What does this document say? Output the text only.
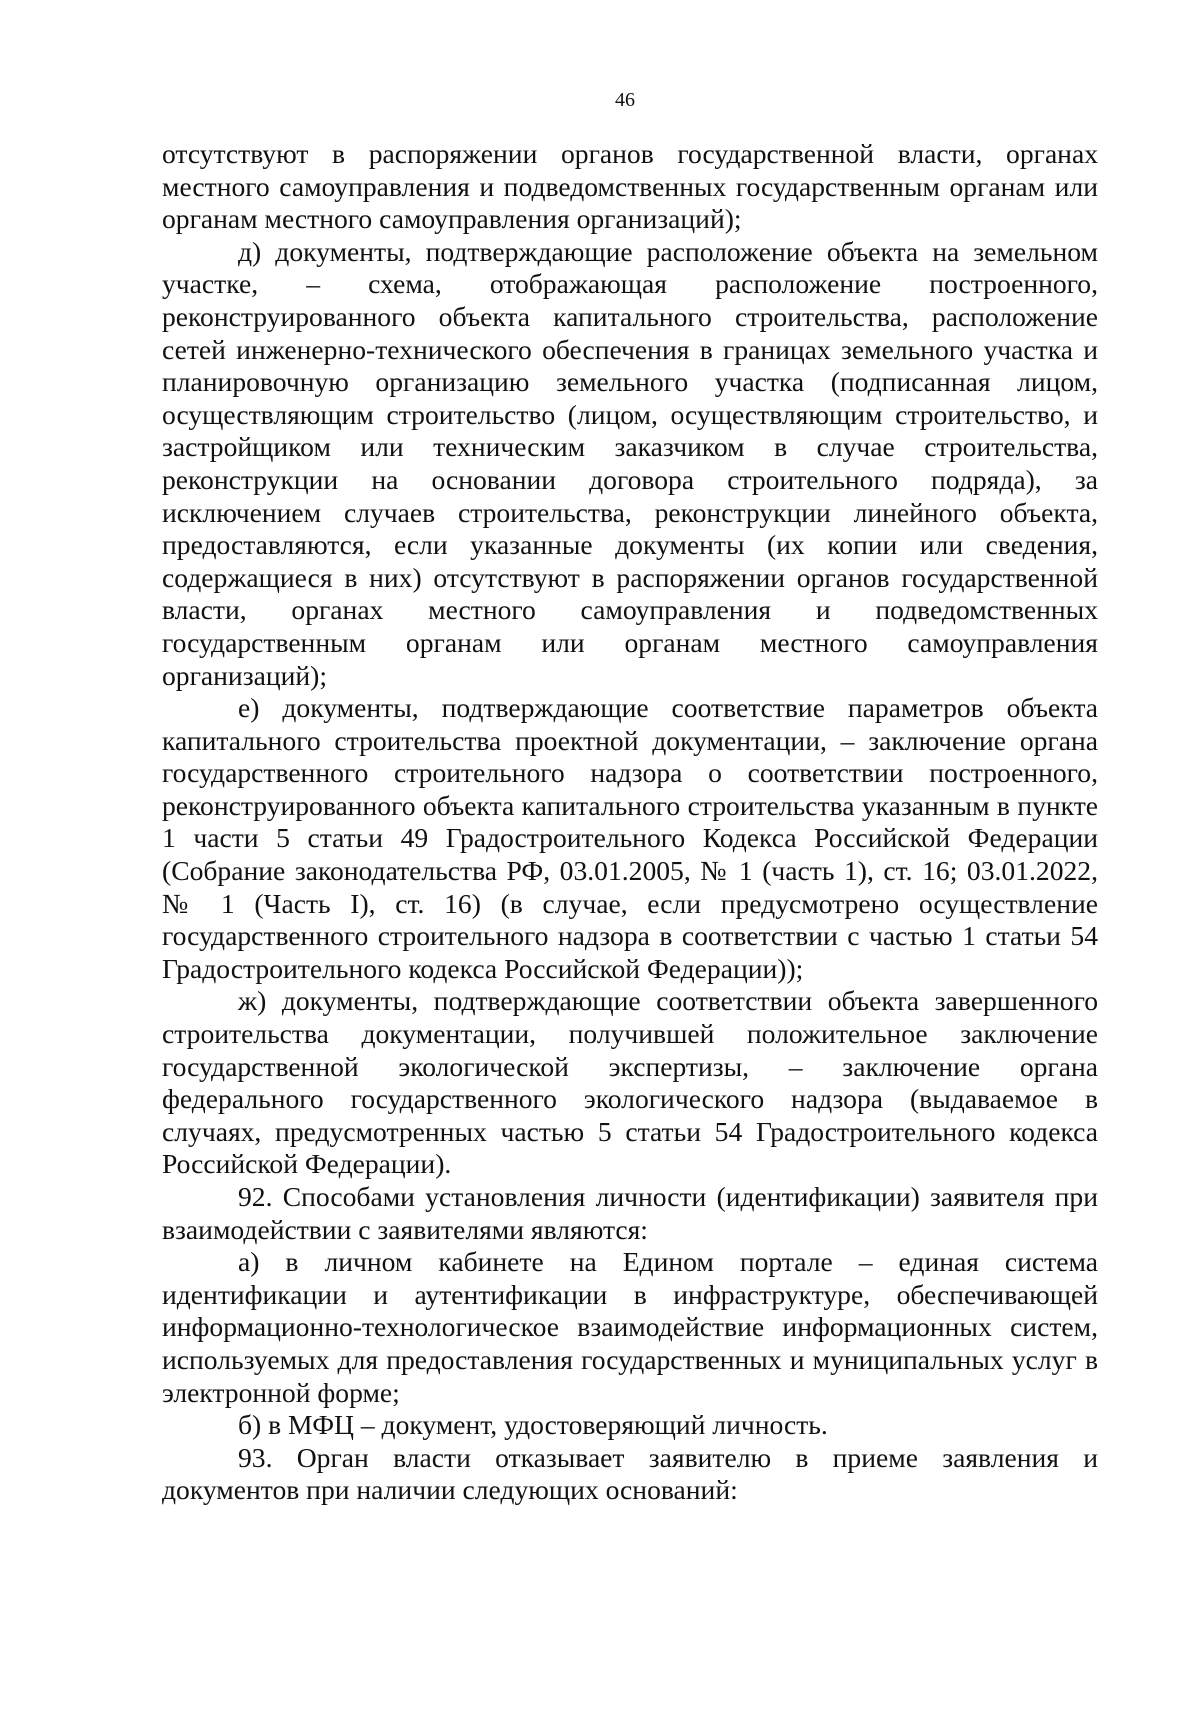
46

отсутствуют в распоряжении органов государственной власти, органах местного самоуправления и подведомственных государственным органам или органам местного самоуправления организаций);

д) документы, подтверждающие расположение объекта на земельном участке, – схема, отображающая расположение построенного, реконструированного объекта капитального строительства, расположение сетей инженерно-технического обеспечения в границах земельного участка и планировочную организацию земельного участка (подписанная лицом, осуществляющим строительство (лицом, осуществляющим строительство, и застройщиком или техническим заказчиком в случае строительства, реконструкции на основании договора строительного подряда), за исключением случаев строительства, реконструкции линейного объекта, предоставляются, если указанные документы (их копии или сведения, содержащиеся в них) отсутствуют в распоряжении органов государственной власти, органах местного самоуправления и подведомственных государственным органам или органам местного самоуправления организаций);

е) документы, подтверждающие соответствие параметров объекта капитального строительства проектной документации, – заключение органа государственного строительного надзора о соответствии построенного, реконструированного объекта капитального строительства указанным в пункте 1 части 5 статьи 49 Градостроительного Кодекса Российской Федерации (Собрание законодательства РФ, 03.01.2005, № 1 (часть 1), ст. 16; 03.01.2022, № 1 (Часть I), ст. 16) (в случае, если предусмотрено осуществление государственного строительного надзора в соответствии с частью 1 статьи 54 Градостроительного кодекса Российской Федерации));

ж) документы, подтверждающие соответствии объекта завершенного строительства документации, получившей положительное заключение государственной экологической экспертизы, – заключение органа федерального государственного экологического надзора (выдаваемое в случаях, предусмотренных частью 5 статьи 54 Градостроительного кодекса Российской Федерации).

92. Способами установления личности (идентификации) заявителя при взаимодействии с заявителями являются:

а) в личном кабинете на Едином портале – единая система идентификации и аутентификации в инфраструктуре, обеспечивающей информационно-технологическое взаимодействие информационных систем, используемых для предоставления государственных и муниципальных услуг в электронной форме;

б) в МФЦ – документ, удостоверяющий личность.

93. Орган власти отказывает заявителю в приеме заявления и документов при наличии следующих оснований:
